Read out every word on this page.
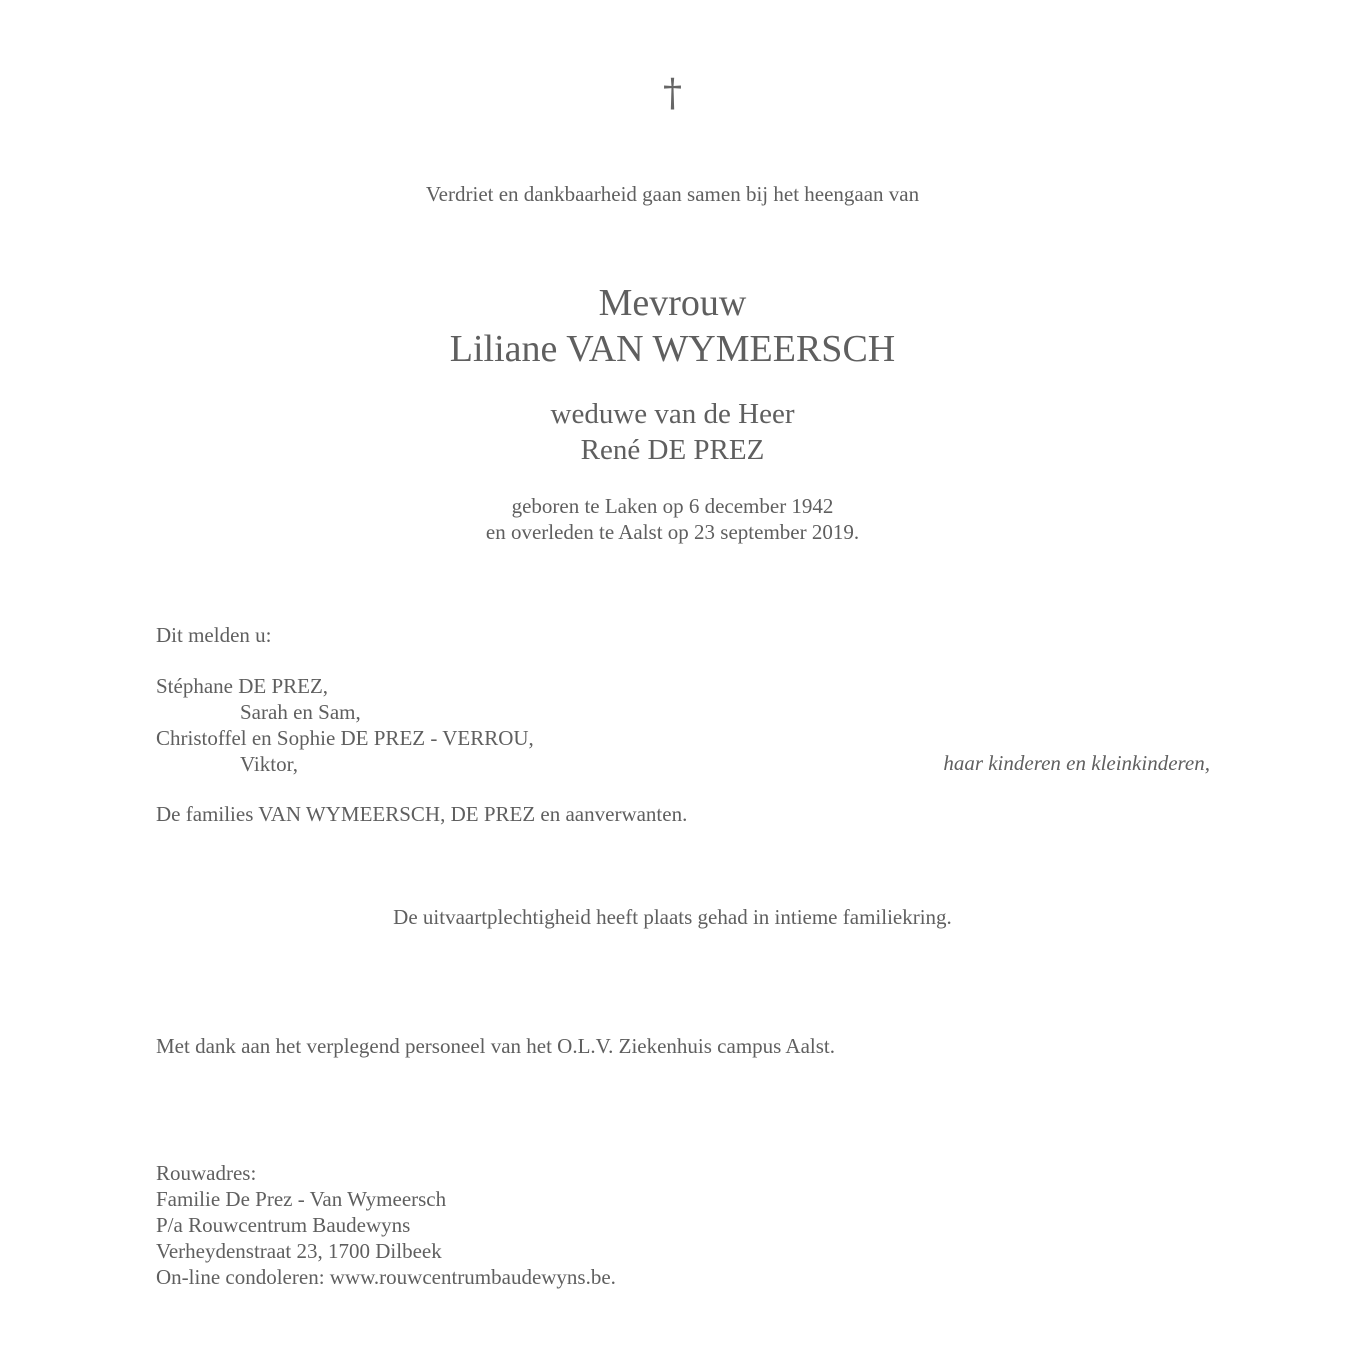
†
Verdriet en dankbaarheid gaan samen bij het heengaan van
Mevrouw
Liliane VAN WYMEERSCH
weduwe van de Heer
René DE PREZ
geboren te Laken op 6 december 1942
en overleden te Aalst op 23 september 2019.
Dit melden u:
Stéphane DE PREZ,
Sarah en Sam,
Christoffel en Sophie DE PREZ - VERROU,
Viktor,	haar kinderen en kleinkinderen,
De families VAN WYMEERSCH, DE PREZ en aanverwanten.
De uitvaartplechtigheid heeft plaats gehad in intieme familiekring.
Met dank aan het verplegend personeel van het O.L.V. Ziekenhuis campus Aalst.
Rouwadres:
Familie De Prez - Van Wymeersch
P/a Rouwcentrum Baudewyns
Verheydenstraat 23, 1700 Dilbeek
On-line condoleren: www.rouwcentrumbaudewyns.be.
